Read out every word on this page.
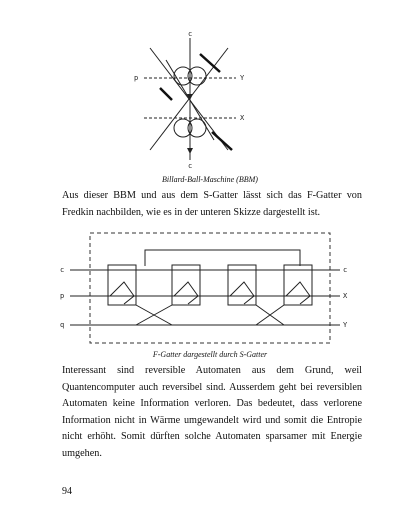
c
p	Y
X
c
Billard-Ball-Maschine (BBM)

Aus dieser BBM und aus dem S-Gatter lässt sich das F-Gatter von Fredkin nachbilden, wie es in der unteren Skizze dargestellt ist.

c
p
q
c
X
Y
F-Gatter dargestellt durch S-Gatter

Interessant sind reversible Automaten aus dem Grund, weil Quantencomputer auch reversibel sind. Ausserdem geht bei reversiblen Automaten keine Information verloren. Das bedeutet, dass verlorene Information nicht in Wärme umgewandelt wird und somit die Entropie nicht erhöht. Somit dürften solche Automaten sparsamer mit Energie umgehen.

94
